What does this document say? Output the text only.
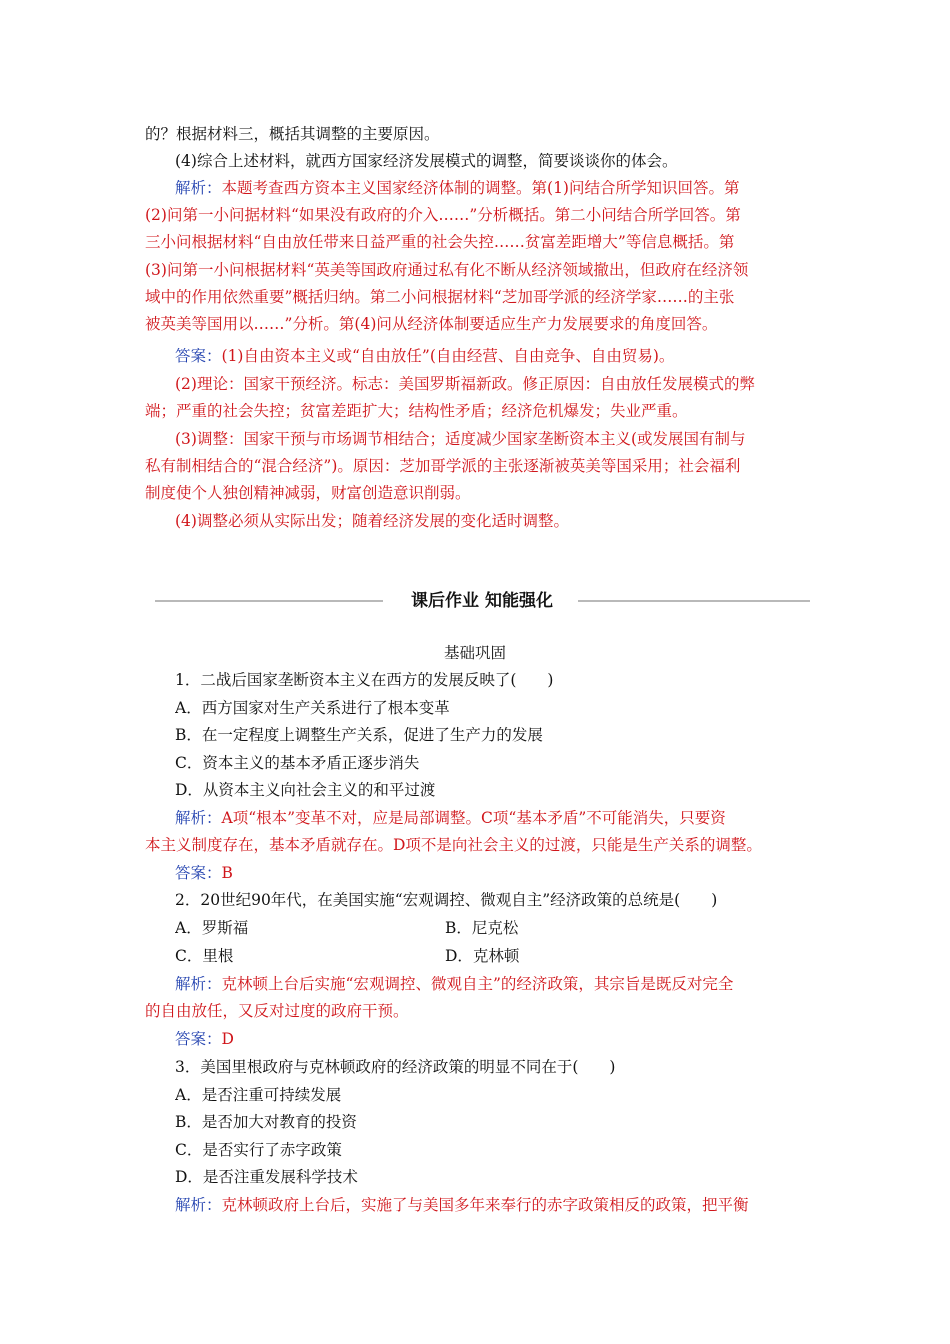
的？根据材料三，概括其调整的主要原因。
(4)综合上述材料，就西方国家经济发展模式的调整，简要谈谈你的体会。
解析：本题考查西方资本主义国家经济体制的调整。第(1)问结合所学知识回答。第
(2)问第一小问据材料“如果没有政府的介入……”分析概括。第二小问结合所学回答。第
三小问根据材料“自由放任带来日益严重的社会失控……贫富差距增大”等信息概括。第
(3)问第一小问根据材料“英美等国政府通过私有化不断从经济领域撤出，但政府在经济领
域中的作用依然重要”概括归纳。第二小问根据材料“芝加哥学派的经济学家……的主张
被英美等国用以……”分析。第(4)问从经济体制要适应生产力发展要求的角度回答。
答案：(1)自由资本主义或“自由放任”(自由经营、自由竞争、自由贸易)。
(2)理论：国家干预经济。标志：美国罗斯福新政。修正原因：自由放任发展模式的弊
端；严重的社会失控；贫富差距扩大；结构性矛盾；经济危机爆发；失业严重。
(3)调整：国家干预与市场调节相结合；适度减少国家垄断资本主义(或发展国有制与
私有制相结合的“混合经济”)。原因：芝加哥学派的主张逐渐被英美等国采用；社会福利
制度使个人独创精神减弱，财富创造意识削弱。
(4)调整必须从实际出发；随着经济发展的变化适时调整。
课后作业 知能强化
基础巩固
1．二战后国家垄断资本主义在西方的发展反映了(　　)
A．西方国家对生产关系进行了根本变革
B．在一定程度上调整生产关系，促进了生产力的发展
C．资本主义的基本矛盾正逐步消失
D．从资本主义向社会主义的和平过渡
解析：A项“根本”变革不对，应是局部调整。C项“基本矛盾”不可能消失，只要资
本主义制度存在，基本矛盾就存在。D项不是向社会主义的过渡，只能是生产关系的调整。
答案：B
2．20世纪90年代，在美国实施“宏观调控、微观自主”经济政策的总统是(　　)
A．罗斯福	B．尼克松
C．里根	D．克林顿
解析：克林顿上台后实施“宏观调控、微观自主”的经济政策，其宗旨是既反对完全
的自由放任，又反对过度的政府干预。
答案：D
3．美国里根政府与克林顿政府的经济政策的明显不同在于(　　)
A．是否注重可持续发展
B．是否加大对教育的投资
C．是否实行了赤字政策
D．是否注重发展科学技术
解析：克林顿政府上台后，实施了与美国多年来奉行的赤字政策相反的政策，把平衡
